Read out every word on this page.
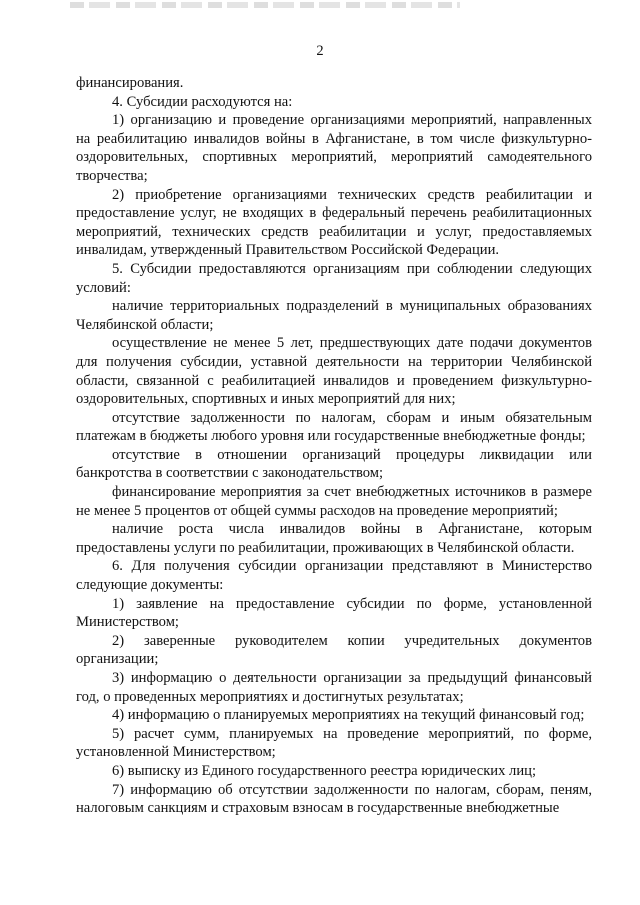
2

финансирования.

4. Субсидии расходуются на:

1) организацию и проведение организациями мероприятий, направленных на реабилитацию инвалидов войны в Афганистане, в том числе физкультурно-оздоровительных, спортивных мероприятий, мероприятий самодеятельного творчества;

2) приобретение организациями технических средств реабилитации и предоставление услуг, не входящих в федеральный перечень реабилитационных мероприятий, технических средств реабилитации и услуг, предоставляемых инвалидам, утвержденный Правительством Российской Федерации.

5. Субсидии предоставляются организациям при соблюдении следующих условий:

наличие территориальных подразделений в муниципальных образованиях Челябинской области;

осуществление не менее 5 лет, предшествующих дате подачи документов для получения субсидии, уставной деятельности на территории Челябинской области, связанной с реабилитацией инвалидов и проведением физкультурно-оздоровительных, спортивных и иных мероприятий для них;

отсутствие задолженности по налогам, сборам и иным обязательным платежам в бюджеты любого уровня или государственные внебюджетные фонды;

отсутствие в отношении организаций процедуры ликвидации или банкротства в соответствии с законодательством;

финансирование мероприятия за счет внебюджетных источников в размере не менее 5 процентов от общей суммы расходов на проведение мероприятий;

наличие роста числа инвалидов войны в Афганистане, которым предоставлены услуги по реабилитации, проживающих в Челябинской области.

6. Для получения субсидии организации представляют в Министерство следующие документы:

1) заявление на предоставление субсидии по форме, установленной Министерством;

2) заверенные руководителем копии учредительных документов организации;

3) информацию о деятельности организации за предыдущий финансовый год, о проведенных мероприятиях и достигнутых результатах;

4) информацию о планируемых мероприятиях на текущий финансовый год;

5) расчет сумм, планируемых на проведение мероприятий, по форме, установленной Министерством;

6) выписку из Единого государственного реестра юридических лиц;

7) информацию об отсутствии задолженности по налогам, сборам, пеням, налоговым санкциям и страховым взносам в государственные внебюджетные
